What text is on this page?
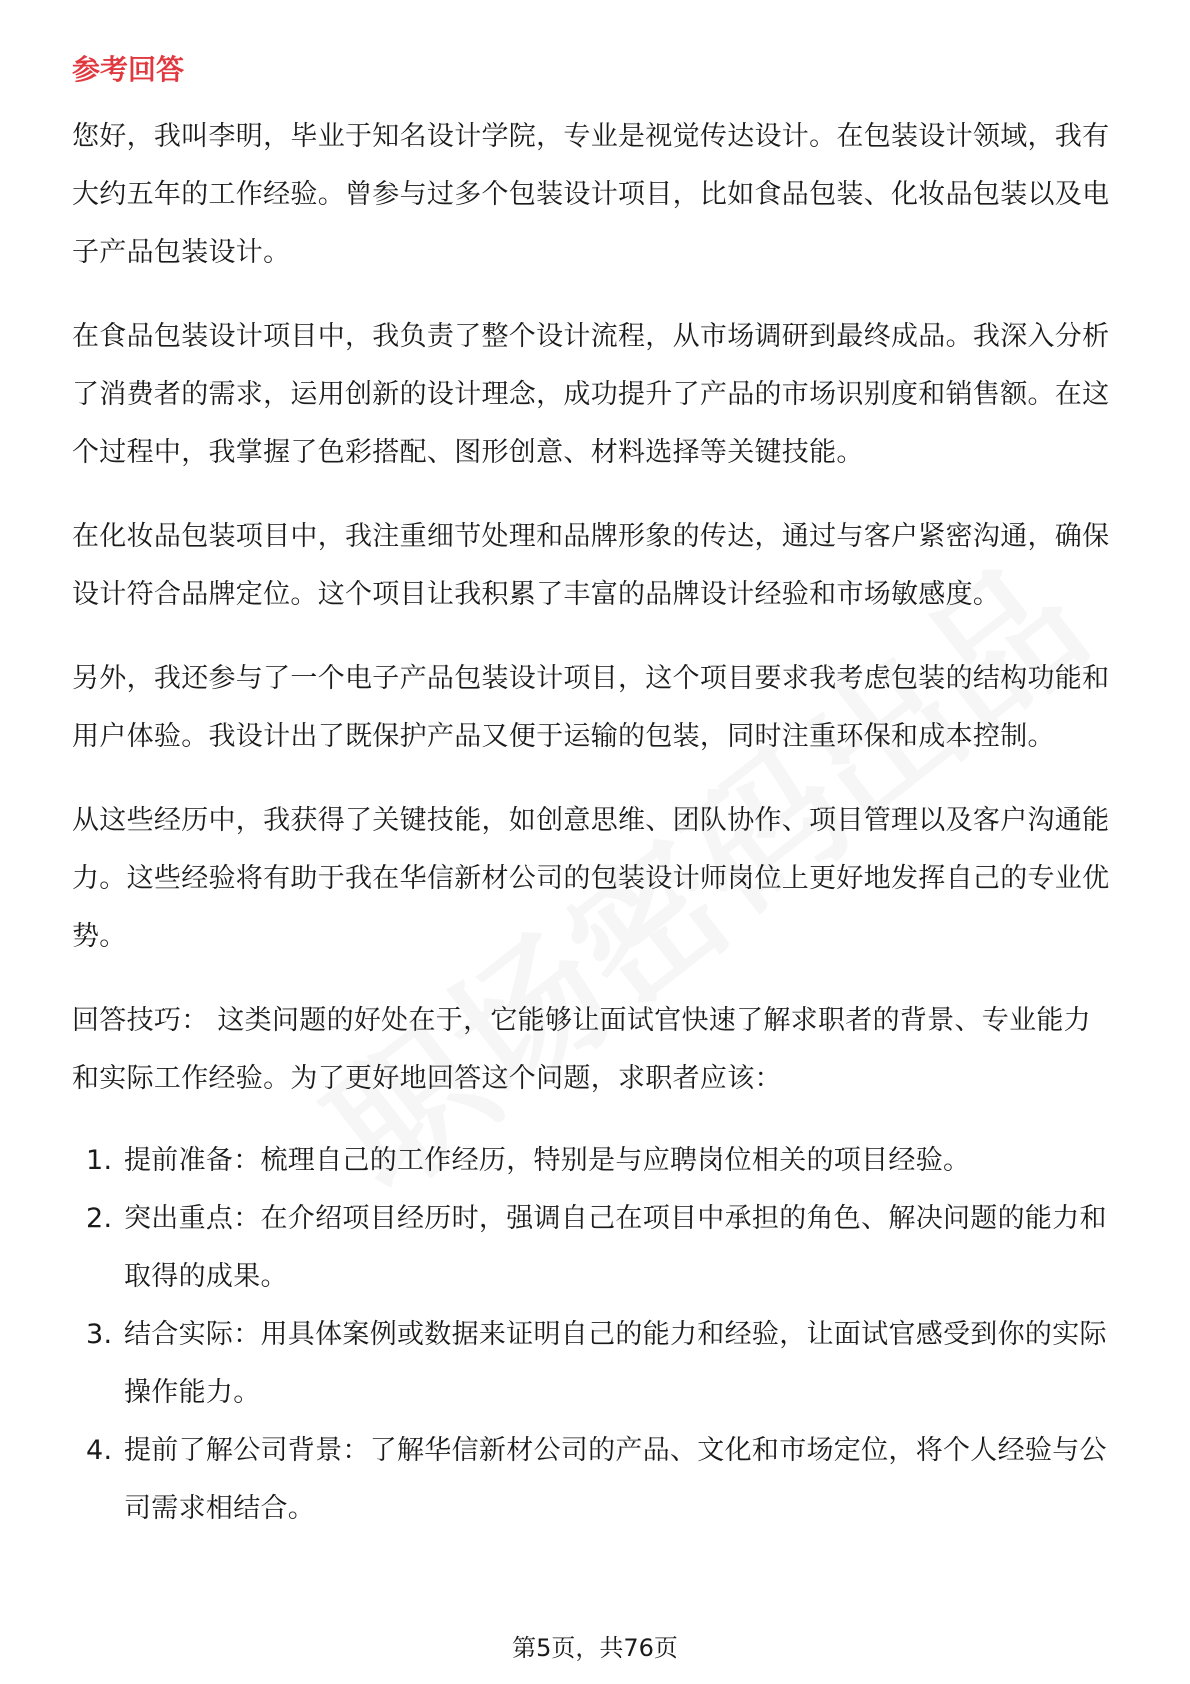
参考回答

您好，我叫李明，毕业于知名设计学院，专业是视觉传达设计。在包装设计领域，我有大约五年的工作经验。曾参与过多个包装设计项目，比如食品包装、化妆品包装以及电子产品包装设计。

在食品包装设计项目中，我负责了整个设计流程，从市场调研到最终成品。我深入分析了消费者的需求，运用创新的设计理念，成功提升了产品的市场识别度和销售额。在这个过程中，我掌握了色彩搭配、图形创意、材料选择等关键技能。

在化妆品包装项目中，我注重细节处理和品牌形象的传达，通过与客户紧密沟通，确保设计符合品牌定位。这个项目让我积累了丰富的品牌设计经验和市场敏感度。

另外，我还参与了一个电子产品包装设计项目，这个项目要求我考虑包装的结构功能和用户体验。我设计出了既保护产品又便于运输的包装，同时注重环保和成本控制。

从这些经历中，我获得了关键技能，如创意思维、团队协作、项目管理以及客户沟通能力。这些经验将有助于我在华信新材公司的包装设计师岗位上更好地发挥自己的专业优势。

回答技巧： 这类问题的好处在于，它能够让面试官快速了解求职者的背景、专业能力和实际工作经验。为了更好地回答这个问题，求职者应该：

1. 提前准备：梳理自己的工作经历，特别是与应聘岗位相关的项目经验。
2. 突出重点：在介绍项目经历时，强调自己在项目中承担的角色、解决问题的能力和取得的成果。
3. 结合实际：用具体案例或数据来证明自己的能力和经验，让面试官感受到你的实际操作能力。
4. 提前了解公司背景：了解华信新材公司的产品、文化和市场定位，将个人经验与公司需求相结合。
第5页，共76页
